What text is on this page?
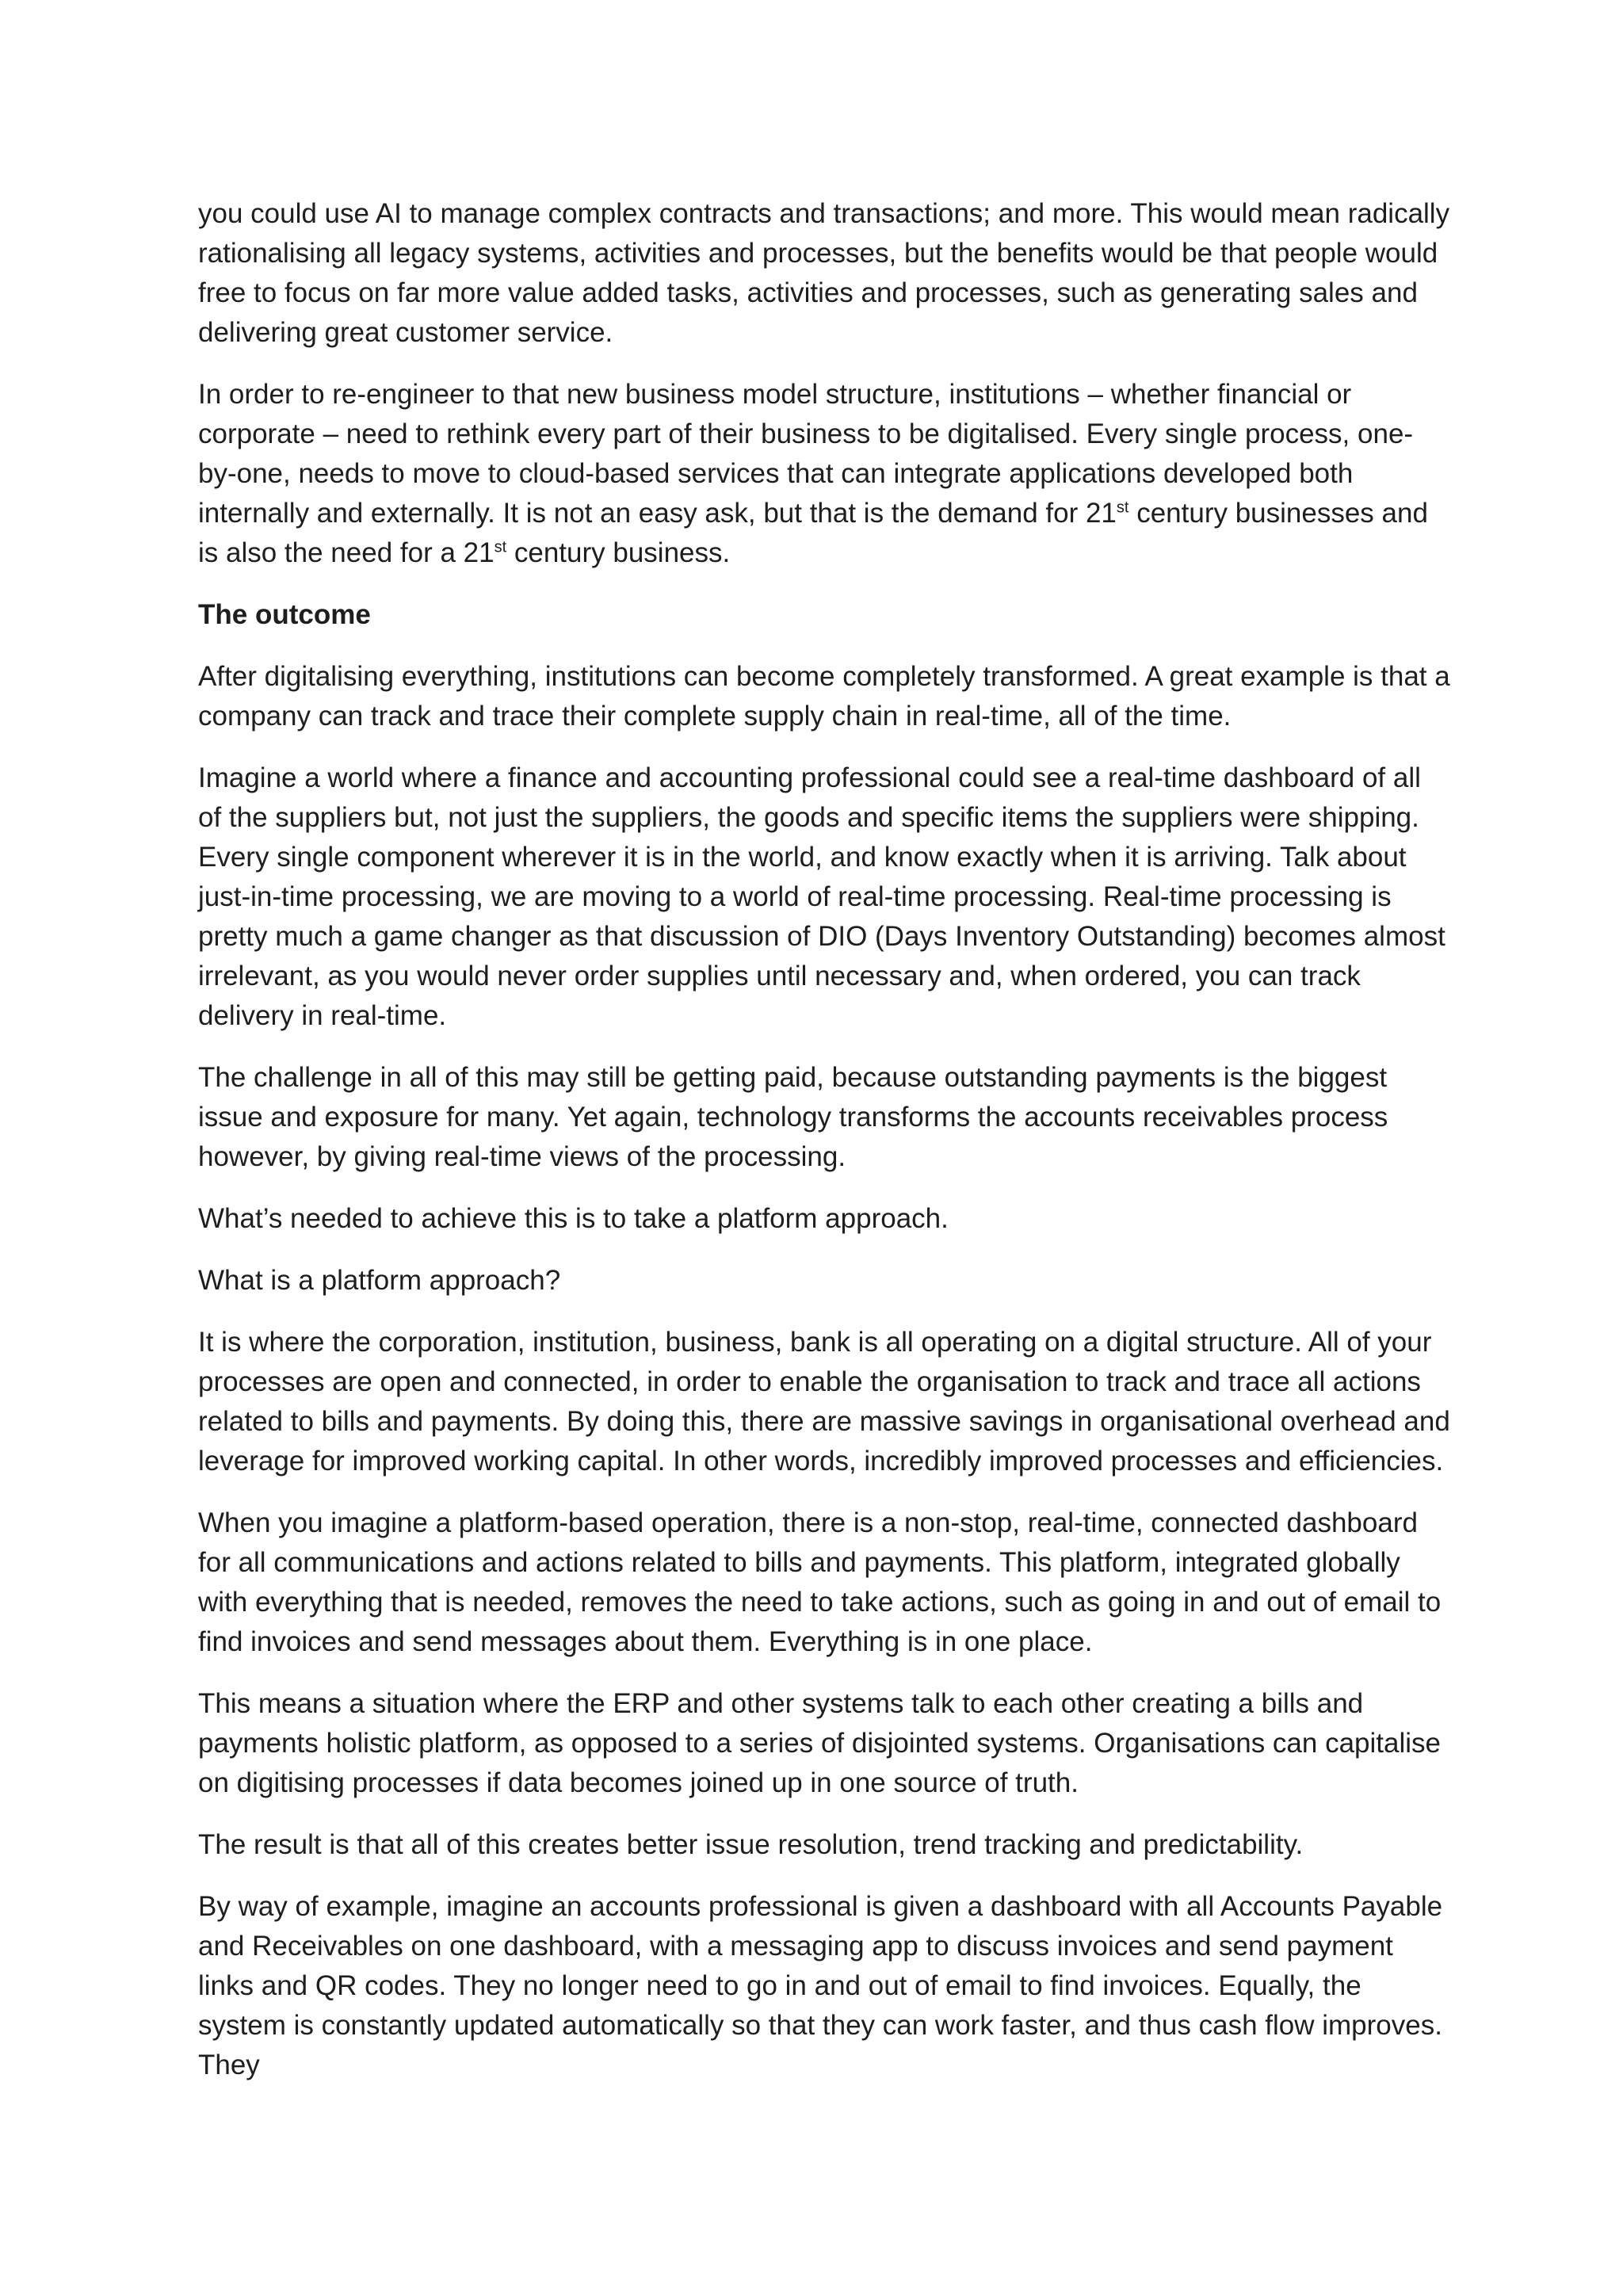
you could use AI to manage complex contracts and transactions; and more. This would mean radically rationalising all legacy systems, activities and processes, but the benefits would be that people would free to focus on far more value added tasks, activities and processes, such as generating sales and delivering great customer service.

In order to re-engineer to that new business model structure, institutions – whether financial or corporate – need to rethink every part of their business to be digitalised. Every single process, one-by-one, needs to move to cloud-based services that can integrate applications developed both internally and externally. It is not an easy ask, but that is the demand for 21st century businesses and is also the need for a 21st century business.

The outcome

After digitalising everything, institutions can become completely transformed. A great example is that a company can track and trace their complete supply chain in real-time, all of the time.

Imagine a world where a finance and accounting professional could see a real-time dashboard of all of the suppliers but, not just the suppliers, the goods and specific items the suppliers were shipping. Every single component wherever it is in the world, and know exactly when it is arriving. Talk about just-in-time processing, we are moving to a world of real-time processing. Real-time processing is pretty much a game changer as that discussion of DIO (Days Inventory Outstanding) becomes almost irrelevant, as you would never order supplies until necessary and, when ordered, you can track delivery in real-time.

The challenge in all of this may still be getting paid, because outstanding payments is the biggest issue and exposure for many. Yet again, technology transforms the accounts receivables process however, by giving real-time views of the processing.

What’s needed to achieve this is to take a platform approach.

What is a platform approach?

It is where the corporation, institution, business, bank is all operating on a digital structure. All of your processes are open and connected, in order to enable the organisation to track and trace all actions related to bills and payments. By doing this, there are massive savings in organisational overhead and leverage for improved working capital. In other words, incredibly improved processes and efficiencies.

When you imagine a platform-based operation, there is a non-stop, real-time, connected dashboard for all communications and actions related to bills and payments. This platform, integrated globally with everything that is needed, removes the need to take actions, such as going in and out of email to find invoices and send messages about them. Everything is in one place.

This means a situation where the ERP and other systems talk to each other creating a bills and payments holistic platform, as opposed to a series of disjointed systems. Organisations can capitalise on digitising processes if data becomes joined up in one source of truth.

The result is that all of this creates better issue resolution, trend tracking and predictability.

By way of example, imagine an accounts professional is given a dashboard with all Accounts Payable and Receivables on one dashboard, with a messaging app to discuss invoices and send payment links and QR codes. They no longer need to go in and out of email to find invoices. Equally, the system is constantly updated automatically so that they can work faster, and thus cash flow improves. They
